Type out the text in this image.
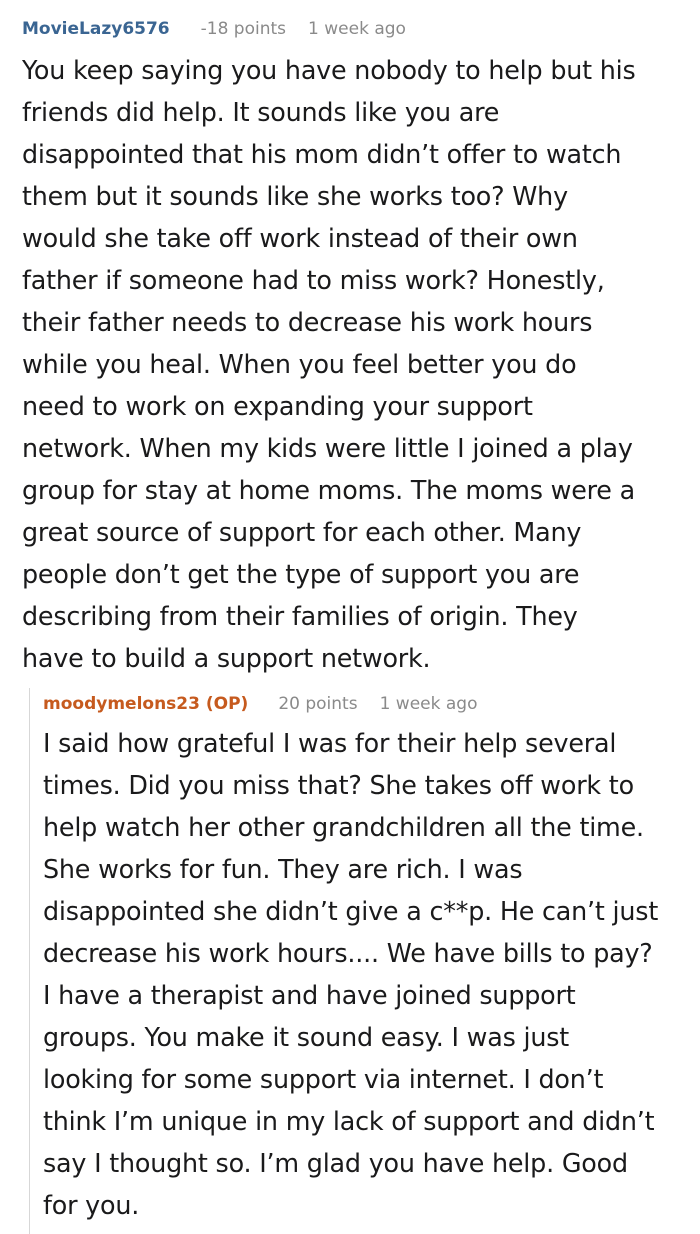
MovieLazy6576 -18 points 1 week ago
You keep saying you have nobody to help but his
friends did help. It sounds like you are
disappointed that his mom didn’t offer to watch
them but it sounds like she works too? Why
would she take off work instead of their own
father if someone had to miss work? Honestly,
their father needs to decrease his work hours
while you heal. When you feel better you do
need to work on expanding your support
network. When my kids were little I joined a play
group for stay at home moms. The moms were a
great source of support for each other. Many
people don’t get the type of support you are
describing from their families of origin. They
have to build a support network.
moodymelons23 (OP) 20 points 1 week ago
I said how grateful I was for their help several
times. Did you miss that? She takes off work to
help watch her other grandchildren all the time.
She works for fun. They are rich. I was
disappointed she didn’t give a c**p. He can’t just
decrease his work hours.... We have bills to pay?
I have a therapist and have joined support
groups. You make it sound easy. I was just
looking for some support via internet. I don’t
think I’m unique in my lack of support and didn’t
say I thought so. I’m glad you have help. Good
for you.
